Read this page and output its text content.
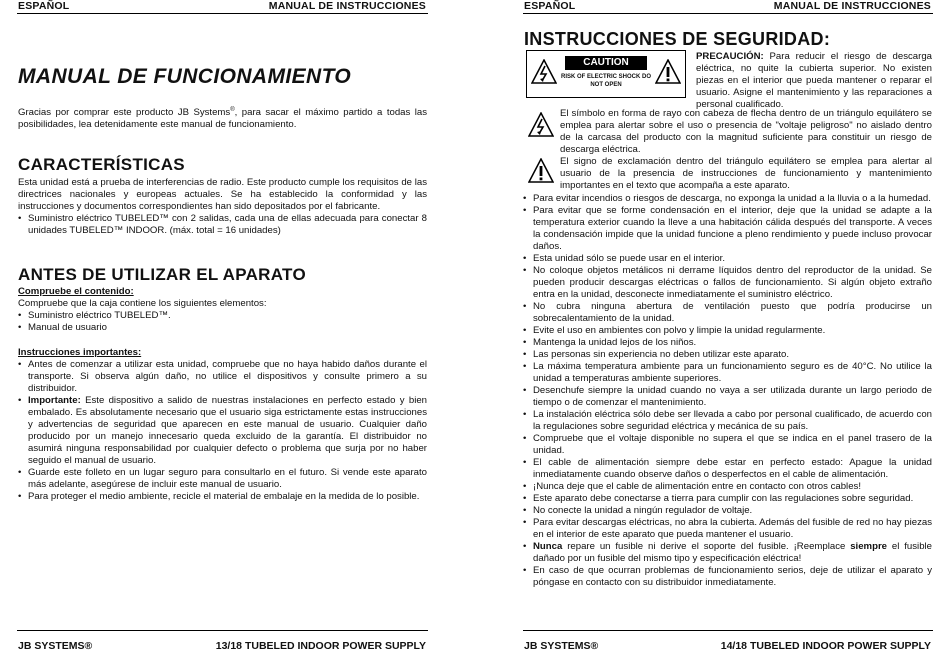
ESPAÑOL	MANUAL DE INSTRUCCIONES
MANUAL DE FUNCIONAMIENTO
Gracias por comprar este producto JB Systems®, para sacar el máximo partido a todas las posibilidades, lea detenidamente este manual de funcionamiento.
CARACTERÍSTICAS
Esta unidad está a prueba de interferencias de radio. Este producto cumple los requisitos de las directrices nacionales y europeas actuales. Se ha establecido la conformidad y las instrucciones y documentos correspondientes han sido depositados por el fabricante.
• Suministro eléctrico TUBELED™ con 2 salidas, cada una de ellas adecuada para conectar 8 unidades TUBELED™ INDOOR. (máx. total = 16 unidades)
ANTES DE UTILIZAR EL APARATO
Compruebe el contenido:
Compruebe que la caja contiene los siguientes elementos:
• Suministro eléctrico TUBELED™.
• Manual de usuario
Instrucciones importantes:
• Antes de comenzar a utilizar esta unidad, compruebe que no haya habido daños durante el transporte. Si observa algún daño, no utilice el dispositivos y consulte primero a su distribuidor.
• Importante: Este dispositivo a salido de nuestras instalaciones en perfecto estado y bien embalado. Es absolutamente necesario que el usuario siga estrictamente estas instrucciones y advertencias de seguridad que aparecen en este manual de usuario. Cualquier daño producido por un manejo innecesario queda excluido de la garantía. El distribuidor no asumirá ninguna responsabilidad por cualquier defecto o problema que surja por no haber seguido el manual de usuario.
• Guarde este folleto en un lugar seguro para consultarlo en el futuro. Si vende este aparato más adelante, asegúrese de incluir este manual de usuario.
• Para proteger el medio ambiente, recicle el material de embalaje en la medida de lo posible.
JB SYSTEMS®	13/18 TUBELED INDOOR POWER SUPPLY
ESPAÑOL	MANUAL DE INSTRUCCIONES
INSTRUCCIONES DE SEGURIDAD:
CAUTION
RISK OF ELECTRIC SHOCK DO NOT OPEN
PRECAUCIÓN: Para reducir el riesgo de descarga eléctrica, no quite la cubierta superior. No existen piezas en el interior que pueda mantener o reparar el usuario. Asigne el mantenimiento y las reparaciones a personal cualificado.
El símbolo en forma de rayo con cabeza de flecha dentro de un triángulo equilátero se emplea para alertar sobre el uso o presencia de "voltaje peligroso" no aislado dentro de la carcasa del producto con la magnitud suficiente para constituir un riesgo de descarga eléctrica.
El signo de exclamación dentro del triángulo equilátero se emplea para alertar al usuario de la presencia de instrucciones de funcionamiento y mantenimiento importantes en el texto que acompaña a este aparato.
• Para evitar incendios o riesgos de descarga, no exponga la unidad a la lluvia o a la humedad.
• Para evitar que se forme condensación en el interior, deje que la unidad se adapte a la temperatura exterior cuando la lleve a una habitación cálida después del transporte. A veces la condensación impide que la unidad funcione a pleno rendimiento y puede incluso provocar daños.
• Esta unidad sólo se puede usar en el interior.
• No coloque objetos metálicos ni derrame líquidos dentro del reproductor de la unidad. Se pueden producir descargas eléctricas o fallos de funcionamiento. Si algún objeto extraño entra en la unidad, desconecte inmediatamente el suministro eléctrico.
• No cubra ninguna abertura de ventilación puesto que podría producirse un sobrecalentamiento de la unidad.
• Evite el uso en ambientes con polvo y limpie la unidad regularmente.
• Mantenga la unidad lejos de los niños.
• Las personas sin experiencia no deben utilizar este aparato.
• La máxima temperatura ambiente para un funcionamiento seguro es de 40°C. No utilice la unidad a temperaturas ambiente superiores.
• Desenchufe siempre la unidad cuando no vaya a ser utilizada durante un largo periodo de tiempo o de comenzar el mantenimiento.
• La instalación eléctrica sólo debe ser llevada a cabo por personal cualificado, de acuerdo con la regulaciones sobre seguridad eléctrica y mecánica de su país.
• Compruebe que el voltaje disponible no supera el que se indica en el panel trasero de la unidad.
• El cable de alimentación siempre debe estar en perfecto estado: Apague la unidad inmediatamente cuando observe daños o desperfectos en el cable de alimentación.
• ¡Nunca deje que el cable de alimentación entre en contacto con otros cables!
• Este aparato debe conectarse a tierra para cumplir con las regulaciones sobre seguridad.
• No conecte la unidad a ningún regulador de voltaje.
• Para evitar descargas eléctricas, no abra la cubierta. Además del fusible de red no hay piezas en el interior de este aparato que pueda mantener el usuario.
• Nunca repare un fusible ni derive el soporte del fusible. ¡Reemplace siempre el fusible dañado por un fusible del mismo tipo y especificación eléctrica!
• En caso de que ocurran problemas de funcionamiento serios, deje de utilizar el aparato y póngase en contacto con su distribuidor inmediatamente.
JB SYSTEMS®	14/18 TUBELED INDOOR POWER SUPPLY
